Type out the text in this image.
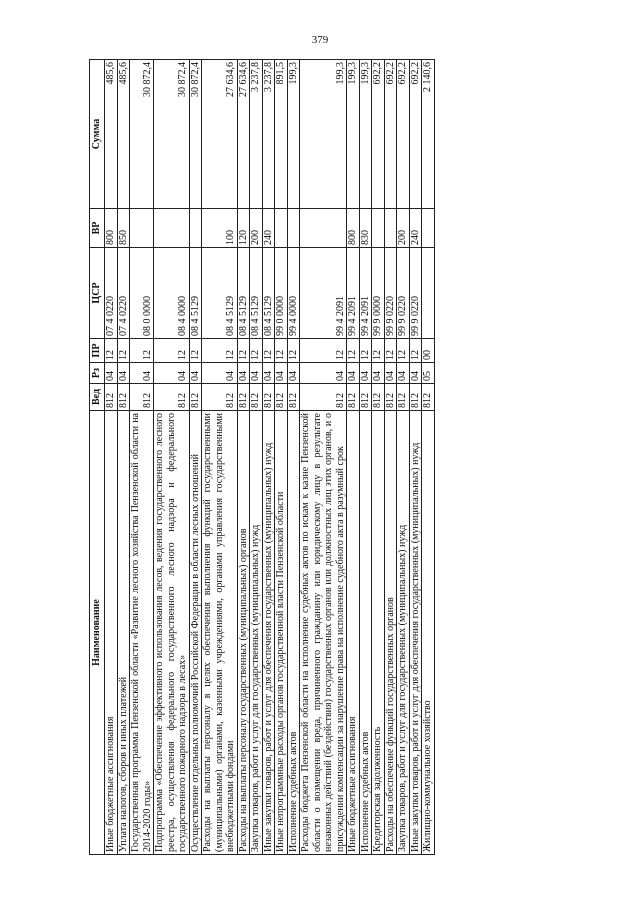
379
Наименование	Вед	Рз	ПР	ЦСР	ВР	Сумма
Иные бюджетные ассигнования	812	04	12	07 4 0220	800	485,6
Уплата налогов, сборов и иных платежей	812	04	12	07 4 0220	850	485,6
Государственная программа Пензенской области «Развитие лесного хозяйства Пензенской области на 2014-2020 годы»	812	04	12	08 0 0000		30 872,4
Подпрограмма «Обеспечение эффективного использования лесов, ведения государственного лесного реестра, осуществления федерального государственного лесного надзора и федерального государственного пожарного надзора в лесах»	812	04	12	08 4 0000		30 872,4
Осуществление отдельных полномочий Российской Федерации в области лесных отношений	812	04	12	08 4 5129		30 872,4
Расходы на выплаты персоналу в целях обеспечения выполнения функций государственными (муниципальными) органами, казенными учреждениями, органами управления государственными внебюджетными фондами	812	04	12	08 4 5129	100	27 634,6
Расходы на выплаты персоналу государственных (муниципальных) органов	812	04	12	08 4 5129	120	27 634,6
Закупка товаров, работ и услуг для государственных (муниципальных) нужд	812	04	12	08 4 5129	200	3 237,8
Иные закупки товаров, работ и услуг для обеспечения государственных (муниципальных) нужд	812	04	12	08 4 5129	240	3 237,8
Иные непрограммные расходы органов государственной власти Пензенской области	812	04	12	99 0 0000		891,5
Исполнение судебных актов	812	04	12	99 4 0000		199,3
Расходы бюджета Пензенской области на исполнение судебных актов по искам к казне Пензенской области о возмещении вреда, причиненного гражданину или юридическому лицу в результате незаконных действий (бездействия) государственных органов или должностных лиц этих органов, и о присуждении компенсации за нарушение права на исполнение судебного акта в разумный срок	812	04	12	99 4 2091		199,3
Иные бюджетные ассигнования	812	04	12	99 4 2091	800	199,3
Исполнение судебных актов	812	04	12	99 4 2091	830	199,3
Кредиторская задолженность	812	04	12	99 9 0000		692,2
Расходы на обеспечение функций государственных органов	812	04	12	99 9 0220		692,2
Закупка товаров, работ и услуг для государственных (муниципальных) нужд	812	04	12	99 9 0220	200	692,2
Иные закупки товаров, работ и услуг для обеспечения государственных (муниципальных) нужд	812	04	12	99 9 0220	240	692,2
Жилищно-коммунальное хозяйство	812	05	00			2 140,6
